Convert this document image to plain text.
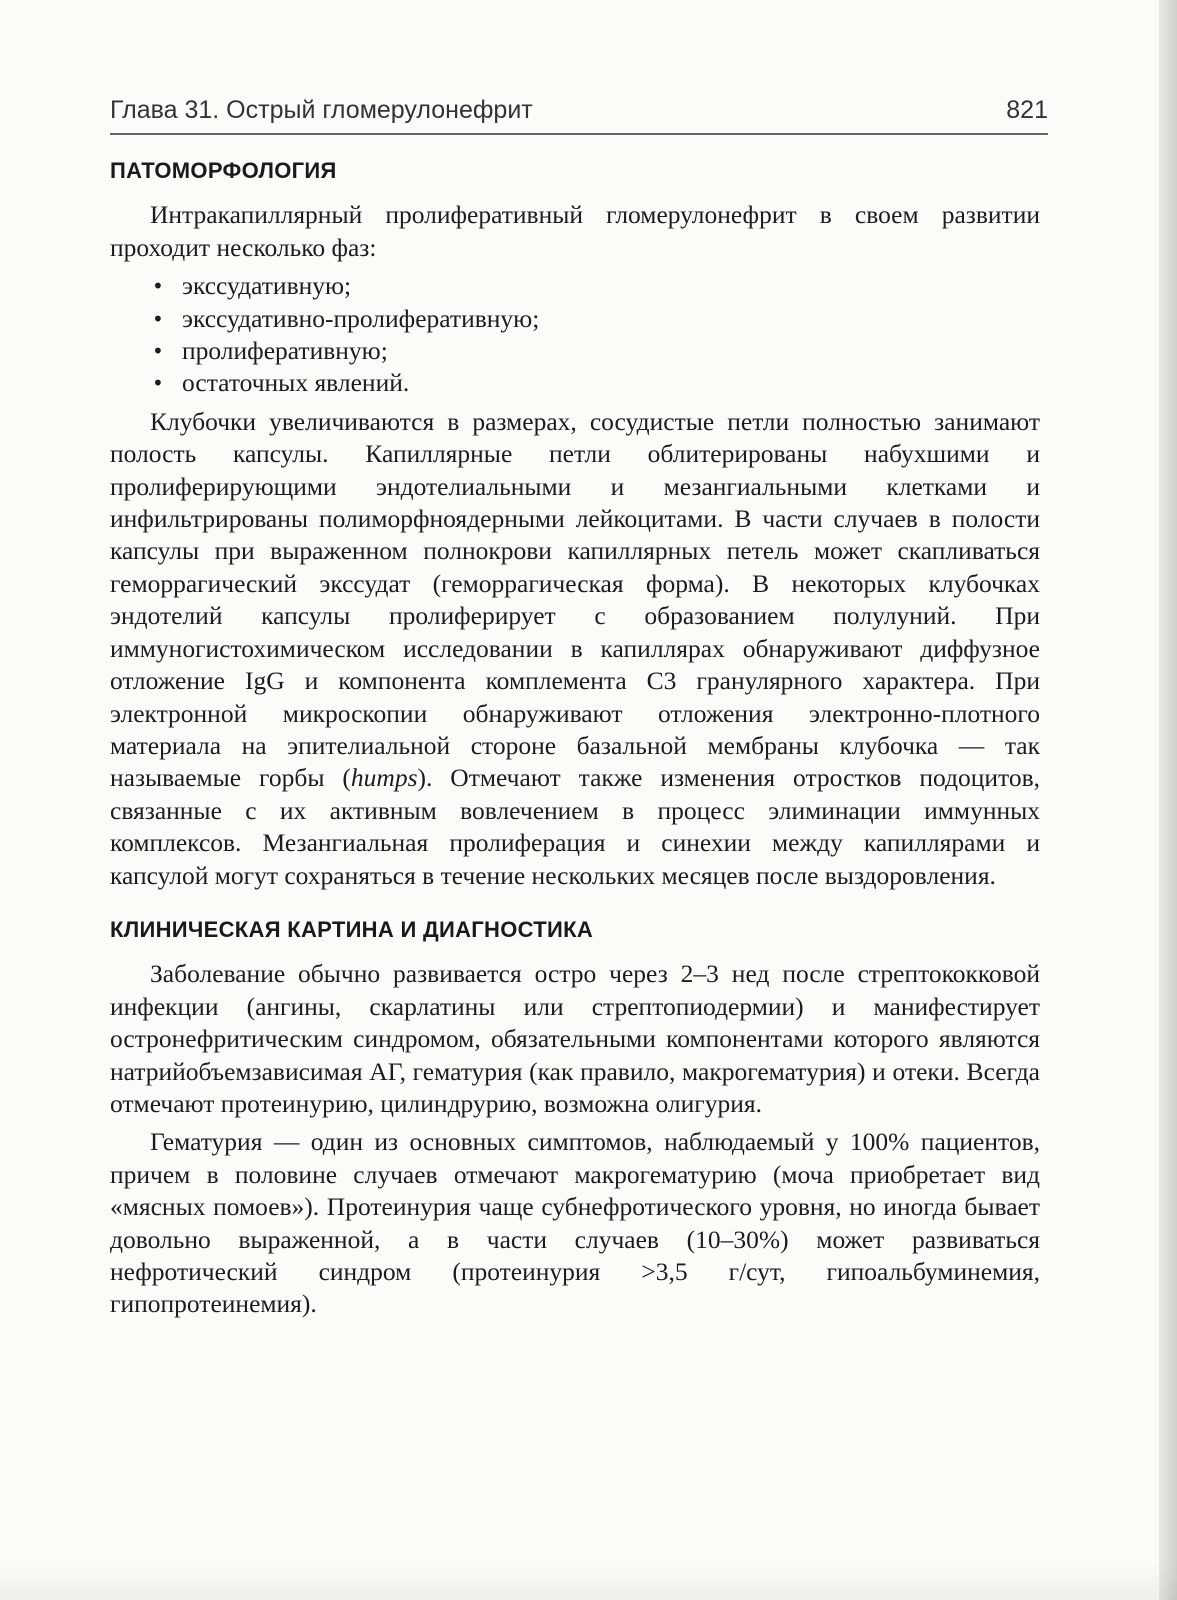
Глава 31. Острый гломерулонефрит	821
ПАТОМОРФОЛОГИЯ

Интракапиллярный пролиферативный гломерулонефрит в своем развитии проходит несколько фаз:

• экссудативную;
• экссудативно-пролиферативную;
• пролиферативную;
• остаточных явлений.

Клубочки увеличиваются в размерах, сосудистые петли полностью занимают полость капсулы. Капиллярные петли облитерированы набухшими и пролиферирующими эндотелиальными и мезангиальными клетками и инфильтрированы полиморфноядерными лейкоцитами. В части случаев в полости капсулы при выраженном полнокрови капиллярных петель может скапливаться геморрагический экссудат (геморрагическая форма). В некоторых клубочках эндотелий капсулы пролиферирует с образованием полулуний. При иммуногистохимическом исследовании в капиллярах обнаруживают диффузное отложение IgG и компонента комплемента C3 гранулярного характера. При электронной микроскопии обнаруживают отложения электронно-плотного материала на эпителиальной стороне базальной мембраны клубочка — так называемые горбы (humps). Отмечают также изменения отростков подоцитов, связанные с их активным вовлечением в процесс элиминации иммунных комплексов. Мезангиальная пролиферация и синехии между капиллярами и капсулой могут сохраняться в течение нескольких месяцев после выздоровления.

КЛИНИЧЕСКАЯ КАРТИНА И ДИАГНОСТИКА

Заболевание обычно развивается остро через 2–3 нед после стрептококковой инфекции (ангины, скарлатины или стрептопиодермии) и манифестирует остронефритическим синдромом, обязательными компонентами которого являются натрийобъемзависимая АГ, гематурия (как правило, макрогематурия) и отеки. Всегда отмечают протеинурию, цилиндрурию, возможна олигурия.

Гематурия — один из основных симптомов, наблюдаемый у 100% пациентов, причем в половине случаев отмечают макрогематурию (моча приобретает вид «мясных помоев»). Протеинурия чаще субнефротического уровня, но иногда бывает довольно выраженной, а в части случаев (10–30%) может развиваться нефротический синдром (протеинурия >3,5 г/сут, гипоальбуминемия, гипопротеинемия).
